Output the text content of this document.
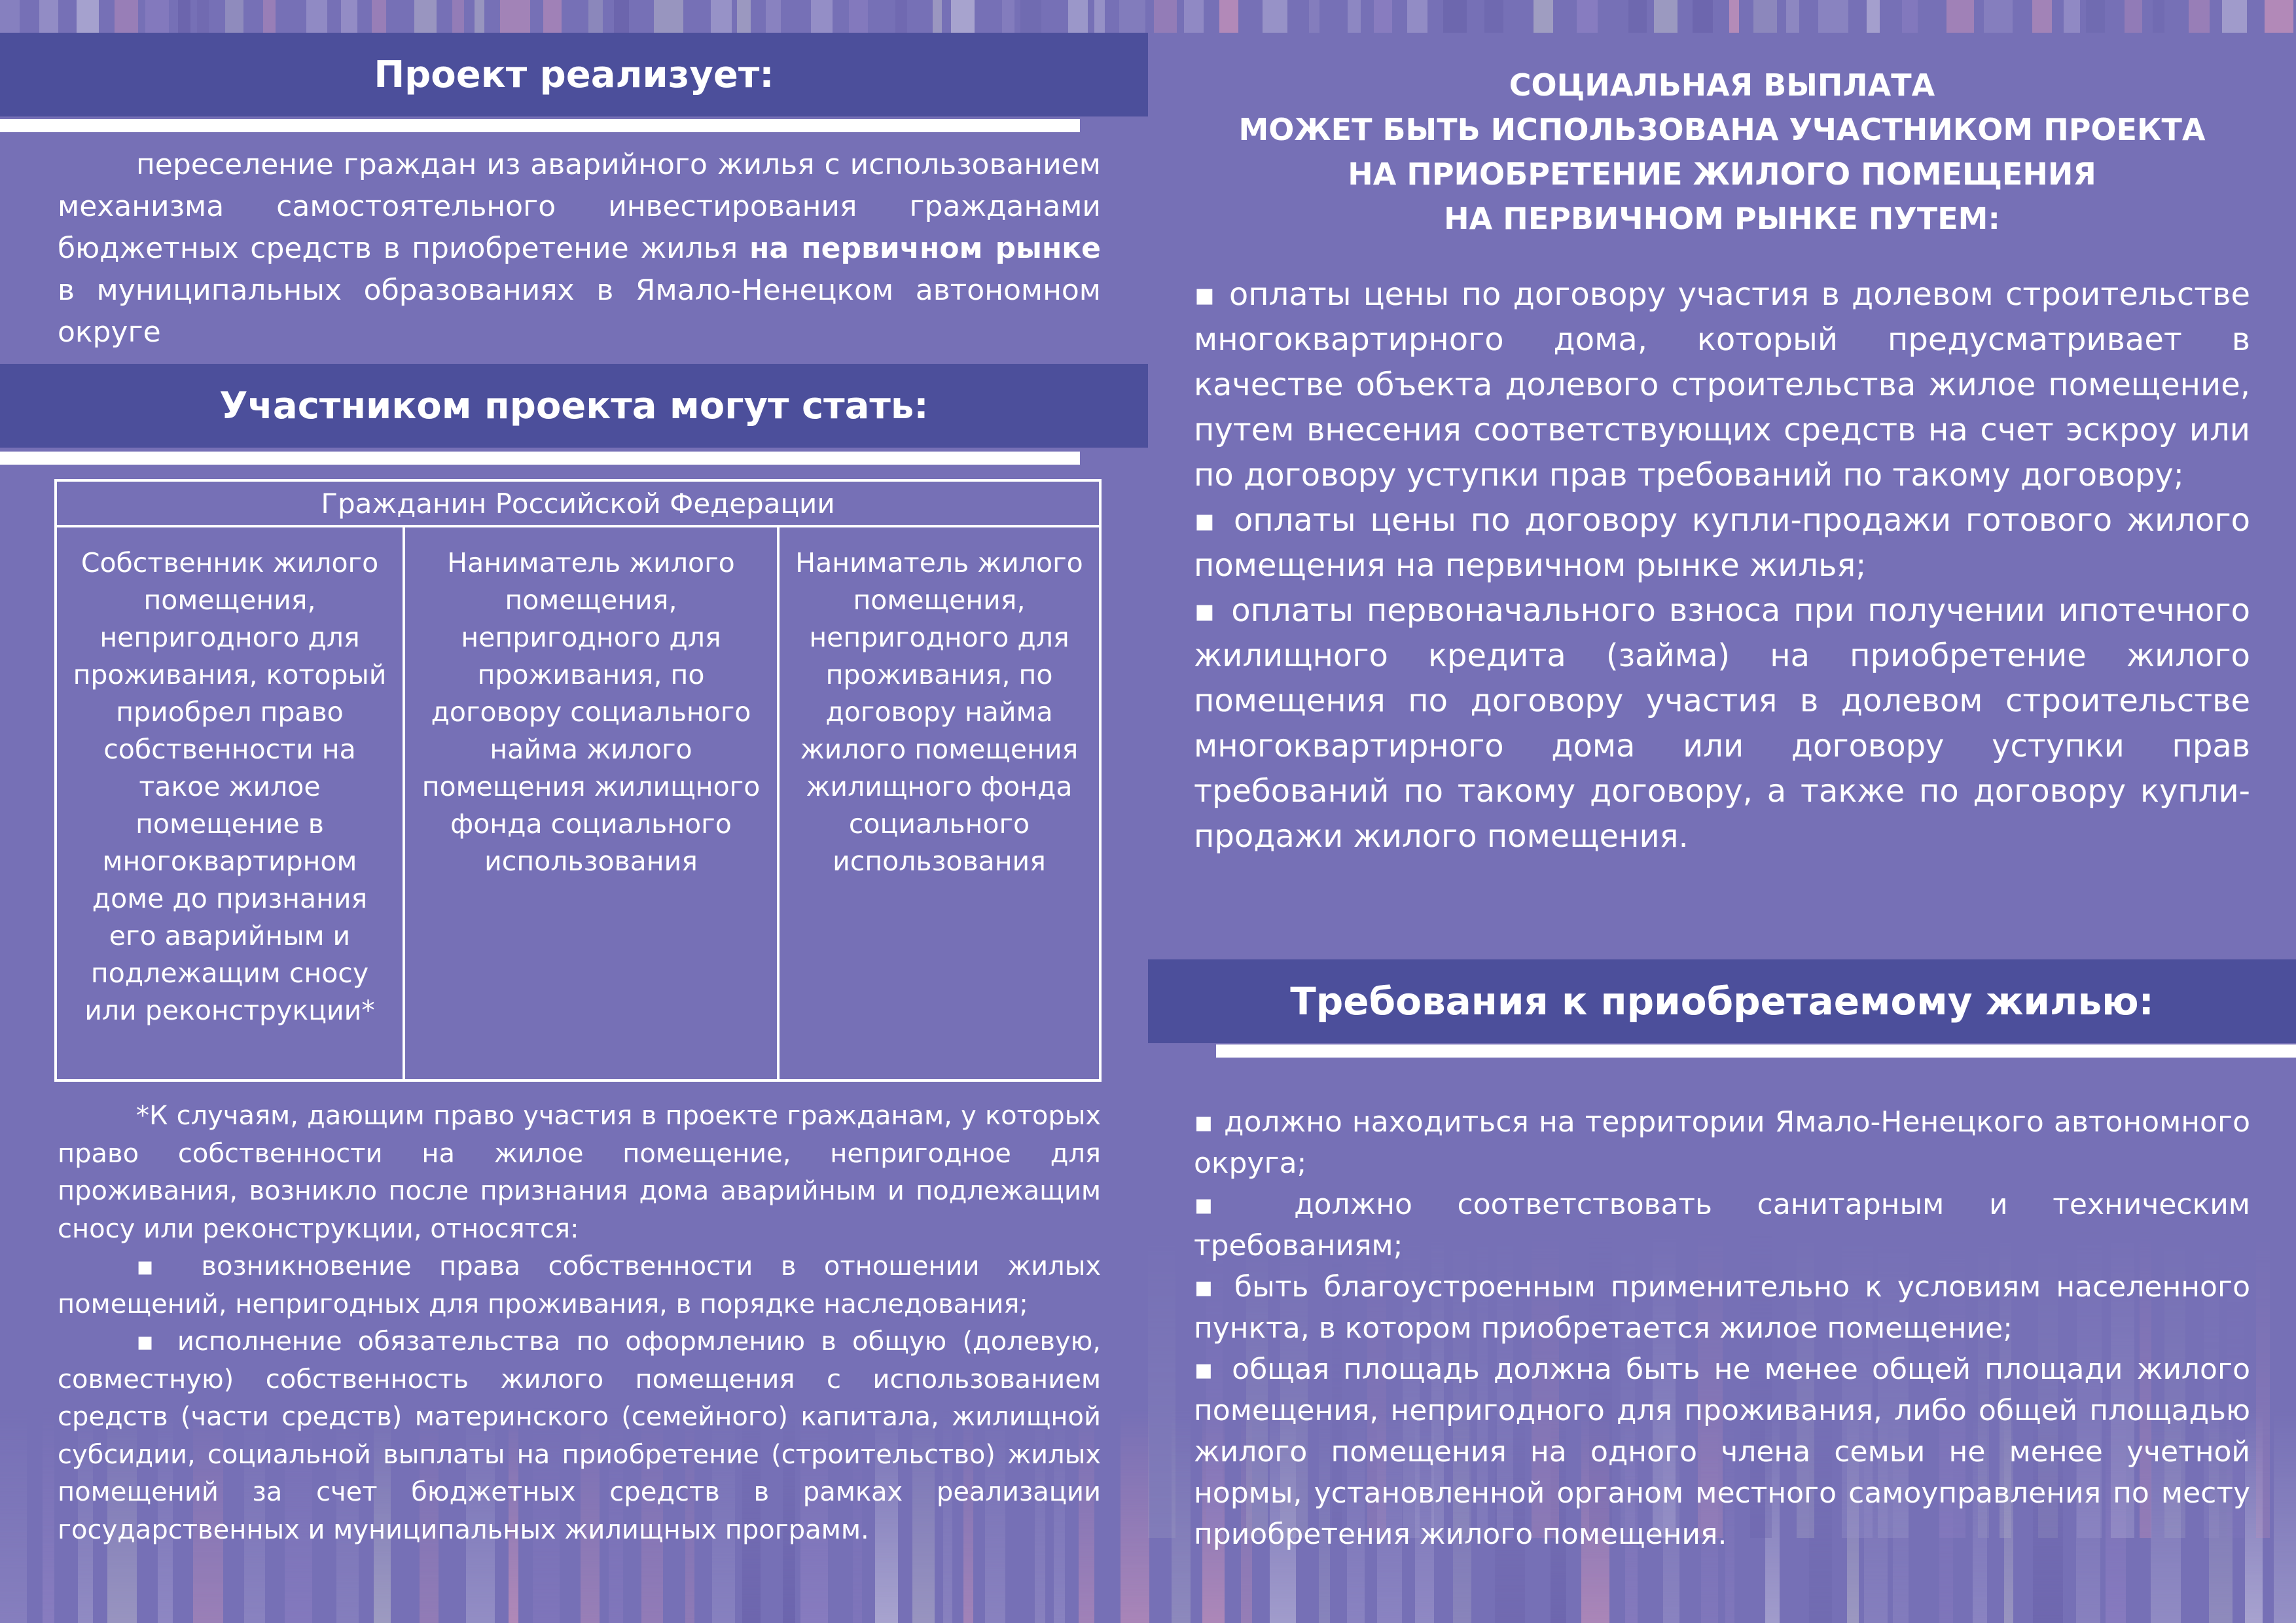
Проект реализует:
переселение граждан из аварийного жилья с использованием механизма самостоятельного инвестирования гражданами бюджетных средств в приобретение жилья на первичном рынке в муниципальных образованиях в Ямало-Ненецком автономном округе
Участником проекта могут стать:
Гражданин Российской Федерации
Собственник жилого помещения, непригодного для проживания, который приобрел право собственности на такое жилое помещение в многоквартирном доме до признания его аварийным и подлежащим сносу или реконструкции*
Наниматель жилого помещения, непригодного для проживания, по договору социального найма жилого помещения жилищного фонда социального использования
Наниматель жилого помещения, непригодного для проживания, по договору найма жилого помещения жилищного фонда социального использования

*К случаям, дающим право участия в проекте гражданам, у которых право собственности на жилое помещение, непригодное для проживания, возникло после признания дома аварийным и подлежащим сносу или реконструкции, относятся:

▪ возникновение права собственности в отношении жилых помещений, непригодных для проживания, в порядке наследования;

▪ исполнение обязательства по оформлению в общую (долевую, совместную) собственность жилого помещения с использованием средств (части средств) материнского (семейного) капитала, жилищной субсидии, социальной выплаты на приобретение (строительство) жилых помещений за счет бюджетных средств в рамках реализации государственных и муниципальных жилищных программ.

СОЦИАЛЬНАЯ ВЫПЛАТА
МОЖЕТ БЫТЬ ИСПОЛЬЗОВАНА УЧАСТНИКОМ ПРОЕКТА
НА ПРИОБРЕТЕНИЕ ЖИЛОГО ПОМЕЩЕНИЯ
НА ПЕРВИЧНОМ РЫНКЕ ПУТЕМ:

▪ оплаты цены по договору участия в долевом строительстве многоквартирного дома, который предусматривает в качестве объекта долевого строительства жилое помещение, путем внесения соответствующих средств на счет эскроу или по договору уступки прав требований по такому договору;

▪ оплаты цены по договору купли-продажи готового жилого помещения на первичном рынке жилья;

▪ оплаты первоначального взноса при получении ипотечного жилищного кредита (займа) на приобретение жилого помещения по договору участия в долевом строительстве многоквартирного дома или договору уступки прав требований по такому договору, а также по договору купли-продажи жилого помещения.

Требования к приобретаемому жилью:

▪ должно находиться на территории Ямало-Ненецкого автономного округа;

▪ должно соответствовать санитарным и техническим требованиям;

▪ быть благоустроенным применительно к условиям населенного пункта, в котором приобретается жилое помещение;

▪ общая площадь должна быть не менее общей площади жилого помещения, непригодного для проживания, либо общей площадью жилого помещения на одного члена семьи не менее учетной нормы, установленной органом местного самоуправления по месту приобретения жилого помещения.
